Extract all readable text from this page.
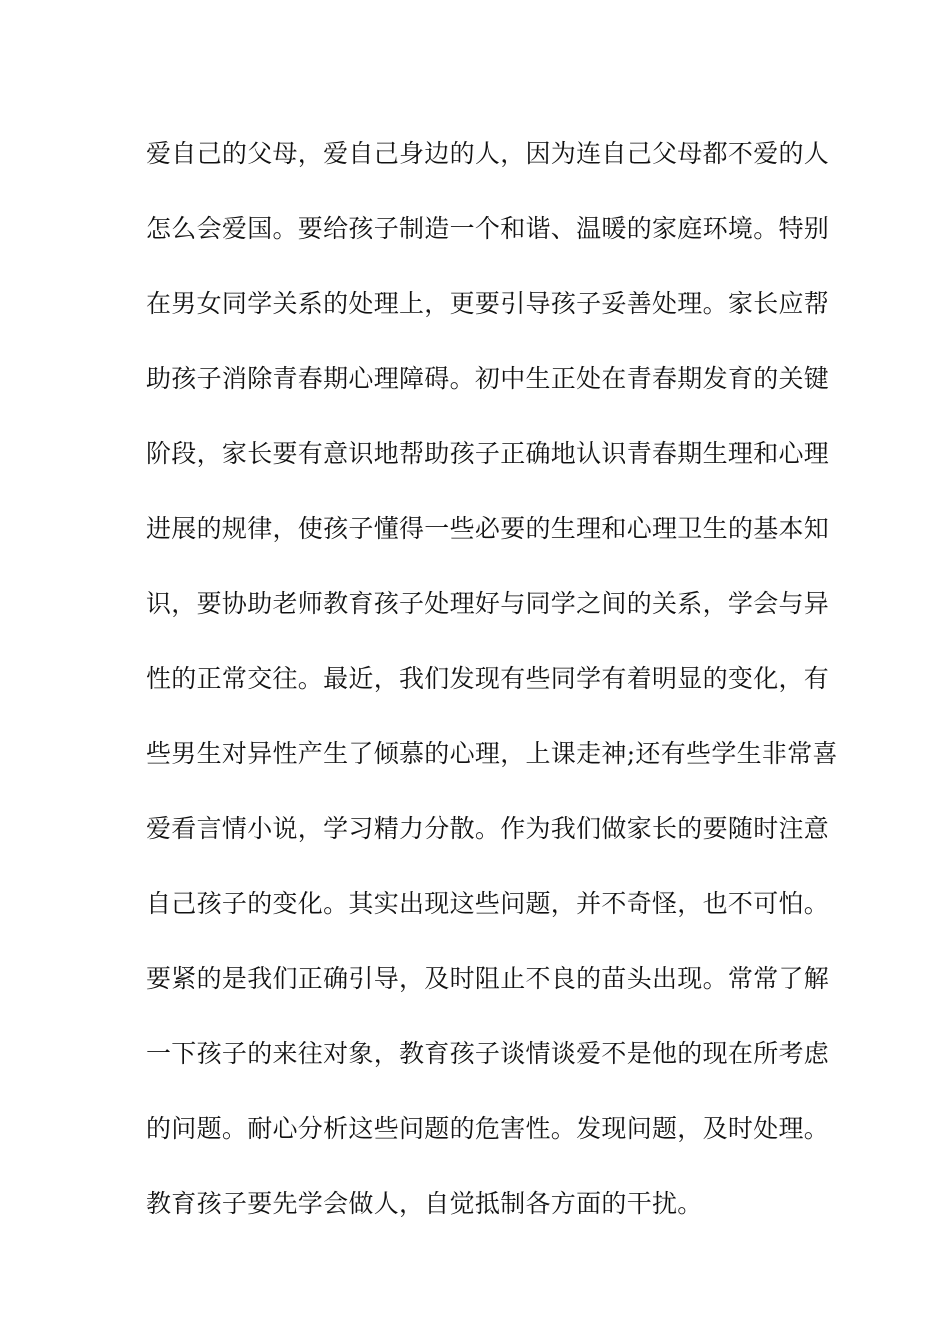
爱自己的父母，爱自己身边的人，因为连自己父母都不爱的人
怎么会爱国。要给孩子制造一个和谐、温暖的家庭环境。特别
在男女同学关系的处理上，更要引导孩子妥善处理。家长应帮
助孩子消除青春期心理障碍。初中生正处在青春期发育的关键
阶段，家长要有意识地帮助孩子正确地认识青春期生理和心理
进展的规律，使孩子懂得一些必要的生理和心理卫生的基本知
识，要协助老师教育孩子处理好与同学之间的关系，学会与异
性的正常交往。最近，我们发现有些同学有着明显的变化，有
些男生对异性产生了倾慕的心理，上课走神;还有些学生非常喜
爱看言情小说，学习精力分散。作为我们做家长的要随时注意
自己孩子的变化。其实出现这些问题，并不奇怪，也不可怕。
要紧的是我们正确引导，及时阻止不良的苗头出现。常常了解
一下孩子的来往对象，教育孩子谈情谈爱不是他的现在所考虑
的问题。耐心分析这些问题的危害性。发现问题，及时处理。
教育孩子要先学会做人，自觉抵制各方面的干扰。
